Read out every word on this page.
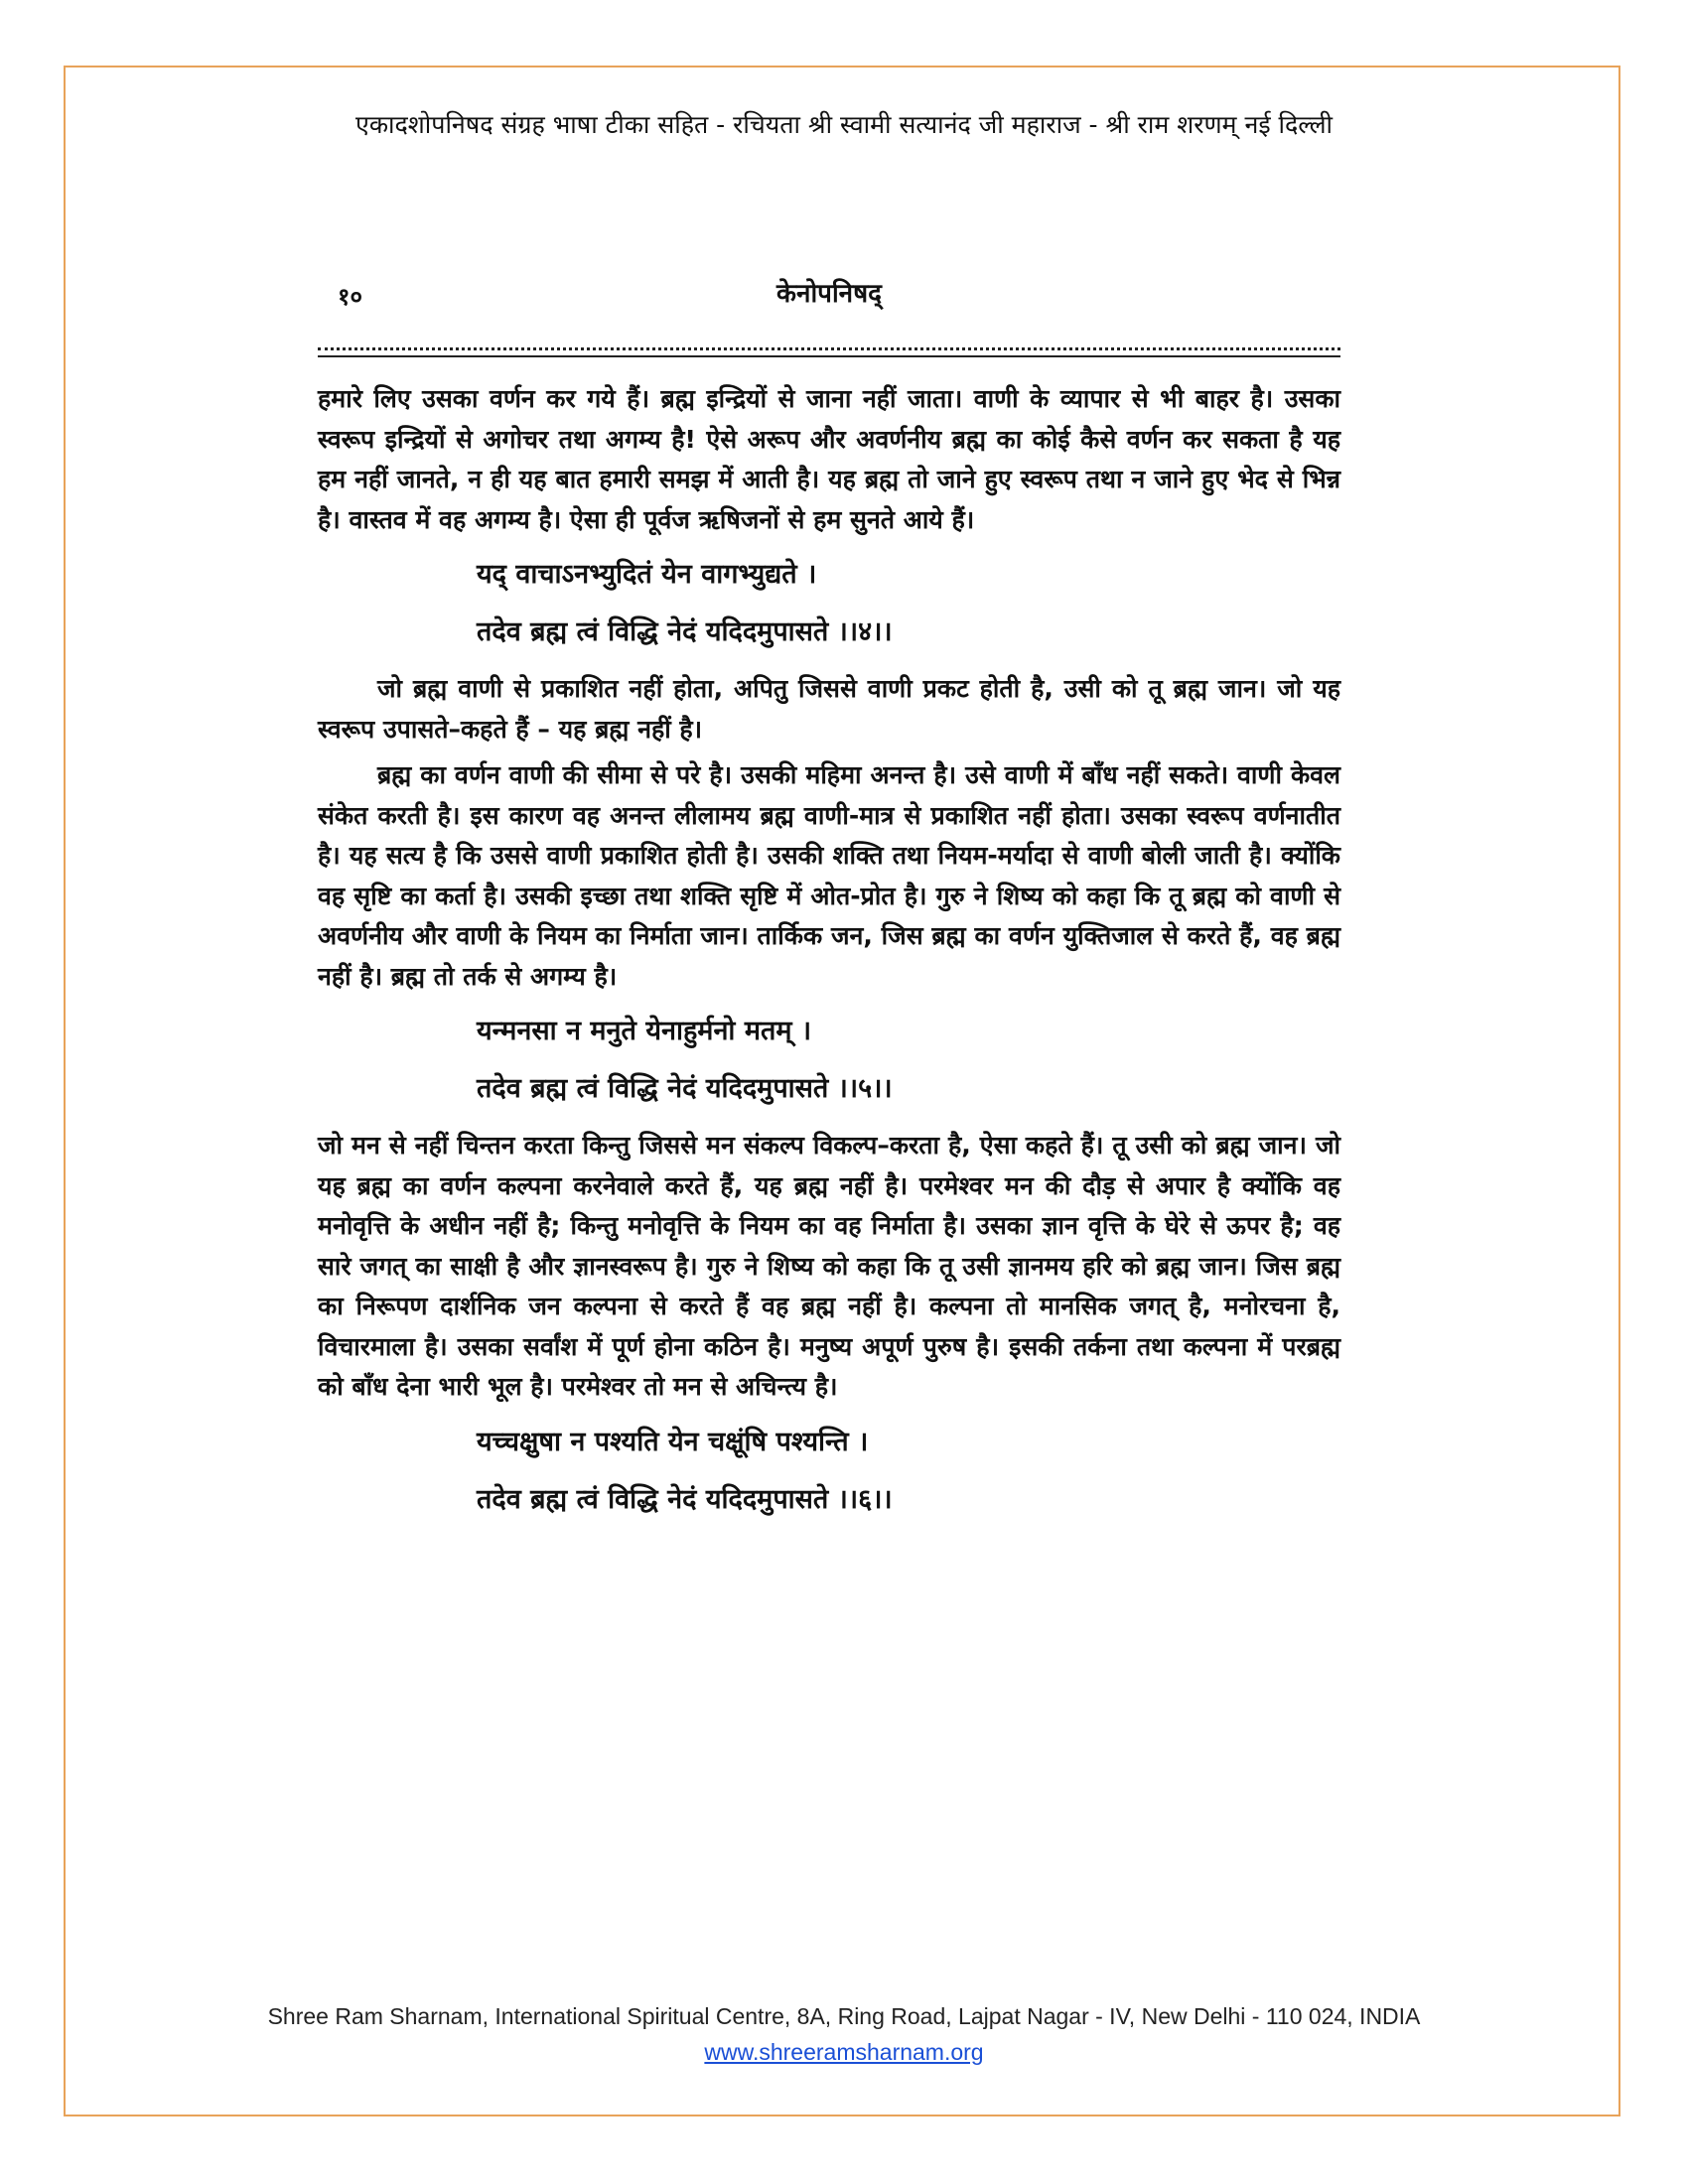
एकादशोपनिषद संग्रह भाषा टीका सहित - रचियता श्री स्वामी सत्यानंद जी महाराज - श्री राम शरणम् नई दिल्ली
१०	केनोपनिषद्

हमारे लिए उसका वर्णन कर गये हैं। ब्रह्म इन्द्रियों से जाना नहीं जाता। वाणी के व्यापार से भी बाहर है। उसका स्वरूप इन्द्रियों से अगोचर तथा अगम्य है! ऐसे अरूप और अवर्णनीय ब्रह्म का कोई कैसे वर्णन कर सकता है यह हम नहीं जानते, न ही यह बात हमारी समझ में आती है। यह ब्रह्म तो जाने हुए स्वरूप तथा न जाने हुए भेद से भिन्न है। वास्तव में वह अगम्य है। ऐसा ही पूर्वज ऋषिजनों से हम सुनते आये हैं।

यद् वाचाऽनभ्युदितं येन वागभ्युद्यते ।
तदेव ब्रह्म त्वं विद्धि नेदं यदिदमुपासते ।।४।।

जो ब्रह्म वाणी से प्रकाशित नहीं होता, अपितु जिससे वाणी प्रकट होती है, उसी को तू ब्रह्म जान। जो यह स्वरूप उपासते–कहते हैं – यह ब्रह्म नहीं है।

ब्रह्म का वर्णन वाणी की सीमा से परे है। उसकी महिमा अनन्त है। उसे वाणी में बाँध नहीं सकते। वाणी केवल संकेत करती है। इस कारण वह अनन्त लीलामय ब्रह्म वाणी-मात्र से प्रकाशित नहीं होता। उसका स्वरूप वर्णनातीत है। यह सत्य है कि उससे वाणी प्रकाशित होती है। उसकी शक्ति तथा नियम-मर्यादा से वाणी बोली जाती है। क्योंकि वह सृष्टि का कर्ता है। उसकी इच्छा तथा शक्ति सृष्टि में ओत-प्रोत है। गुरु ने शिष्य को कहा कि तू ब्रह्म को वाणी से अवर्णनीय और वाणी के नियम का निर्माता जान। तार्किक जन, जिस ब्रह्म का वर्णन युक्तिजाल से करते हैं, वह ब्रह्म नहीं है। ब्रह्म तो तर्क से अगम्य है।

यन्मनसा न मनुते येनाहुर्मनो मतम् ।
तदेव ब्रह्म त्वं विद्धि नेदं यदिदमुपासते ।।५।।

जो मन से नहीं चिन्तन करता किन्तु जिससे मन संकल्प विकल्प–करता है, ऐसा कहते हैं। तू उसी को ब्रह्म जान। जो यह ब्रह्म का वर्णन कल्पना करनेवाले करते हैं, यह ब्रह्म नहीं है। परमेश्वर मन की दौड़ से अपार है क्योंकि वह मनोवृत्ति के अधीन नहीं है; किन्तु मनोवृत्ति के नियम का वह निर्माता है। उसका ज्ञान वृत्ति के घेरे से ऊपर है; वह सारे जगत् का साक्षी है और ज्ञानस्वरूप है। गुरु ने शिष्य को कहा कि तू उसी ज्ञानमय हरि को ब्रह्म जान। जिस ब्रह्म का निरूपण दार्शनिक जन कल्पना से करते हैं वह ब्रह्म नहीं है। कल्पना तो मानसिक जगत् है, मनोरचना है, विचारमाला है। उसका सर्वांश में पूर्ण होना कठिन है। मनुष्य अपूर्ण पुरुष है। इसकी तर्कना तथा कल्पना में परब्रह्म को बाँध देना भारी भूल है। परमेश्वर तो मन से अचिन्त्य है।

यच्चक्षुषा न पश्यति येन चक्षूंषि पश्यन्ति ।
तदेव ब्रह्म त्वं विद्धि नेदं यदिदमुपासते ।।६।।
Shree Ram Sharnam, International Spiritual Centre, 8A, Ring Road, Lajpat Nagar - IV, New Delhi - 110 024, INDIA
www.shreeramsharnam.org
